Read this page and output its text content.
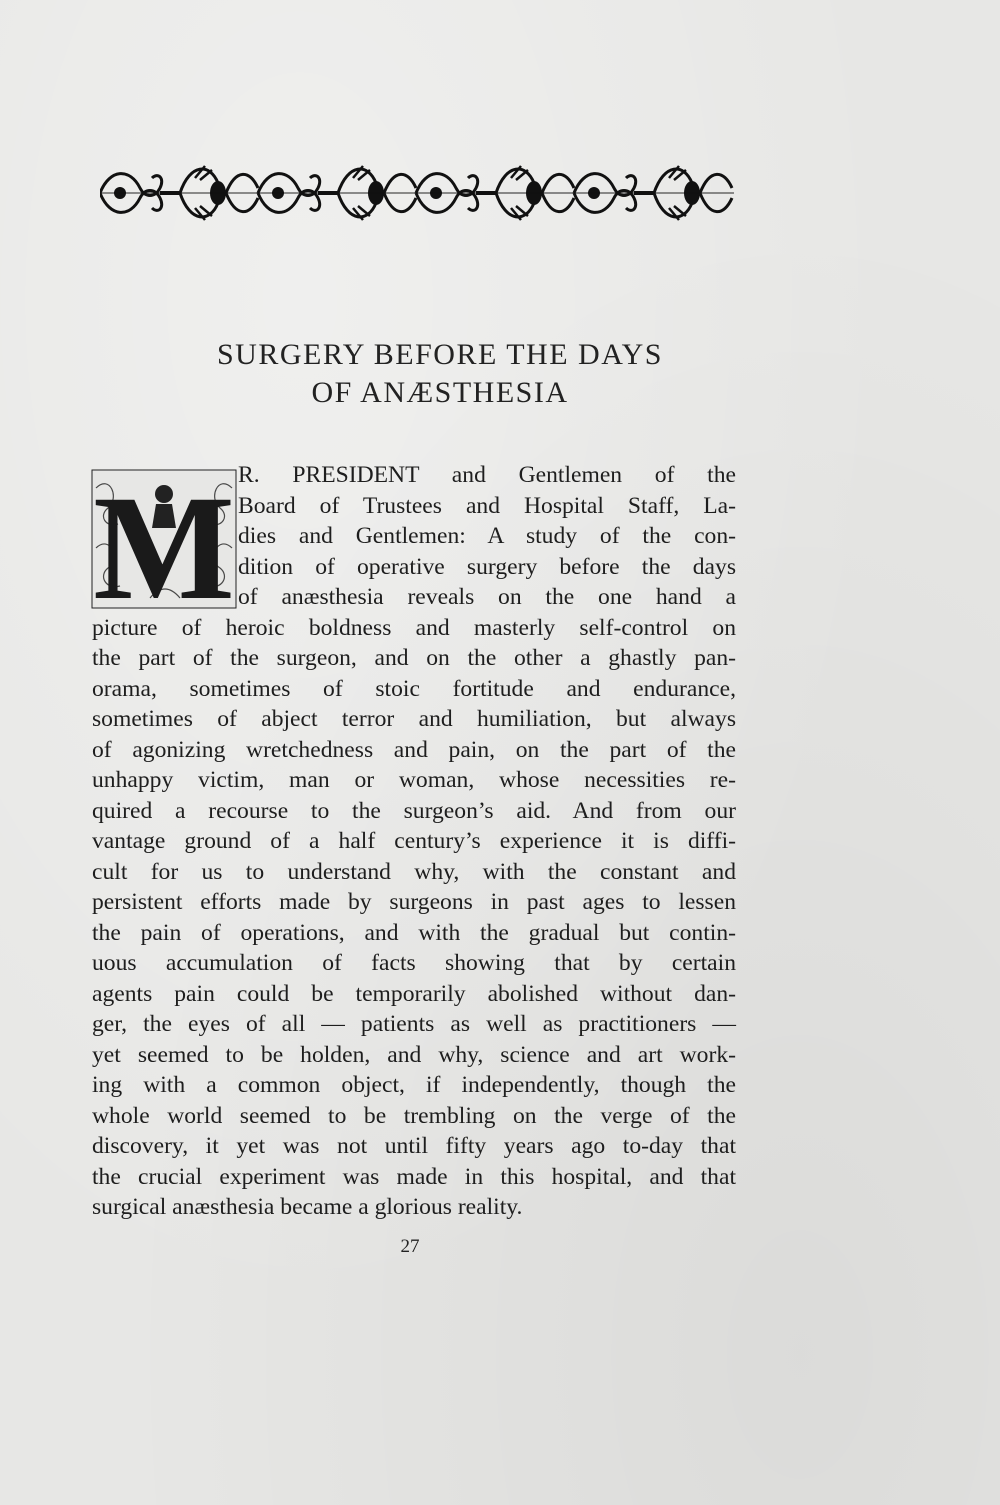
SURGERY BEFORE THE DAYS
OF ANÆSTHESIA
M R. PRESIDENT and Gentlemen of the
Board of Trustees and Hospital Staff, La-
dies and Gentlemen: A study of the con-
dition of operative surgery before the days
of anæsthesia reveals on the one hand a
picture of heroic boldness and masterly self-control on
the part of the surgeon, and on the other a ghastly pan-
orama, sometimes of stoic fortitude and endurance,
sometimes of abject terror and humiliation, but always
of agonizing wretchedness and pain, on the part of the
unhappy victim, man or woman, whose necessities re-
quired a recourse to the surgeon’s aid. And from our
vantage ground of a half century’s experience it is diffi-
cult for us to understand why, with the constant and
persistent efforts made by surgeons in past ages to lessen
the pain of operations, and with the gradual but contin-
uous accumulation of facts showing that by certain
agents pain could be temporarily abolished without dan-
ger, the eyes of all — patients as well as practitioners —
yet seemed to be holden, and why, science and art work-
ing with a common object, if independently, though the
whole world seemed to be trembling on the verge of the
discovery, it yet was not until fifty years ago to-day that
the crucial experiment was made in this hospital, and that
surgical anæsthesia became a glorious reality.
27
